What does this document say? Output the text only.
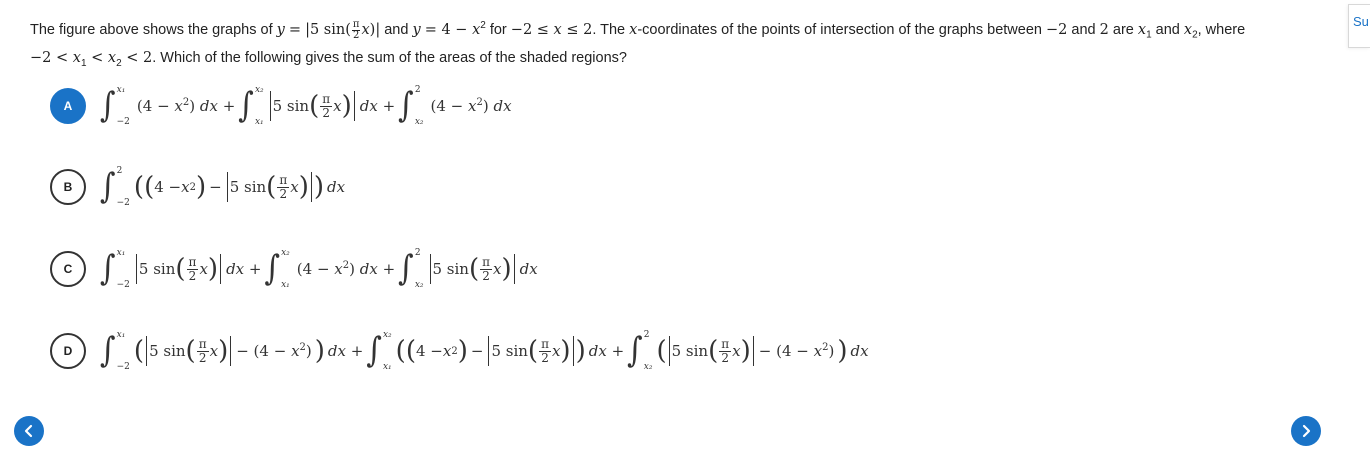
The figure above shows the graphs of y = |5 $\sin( \frac{\pi}{2} x)|$ and $y = 4 - x^2$ for −2 ≤ x ≤ 2. The x-coordinates of the points of intersection of the graphs between −2 and 2 are $x_1$ and $x_2$, where
$-2 < x_1 < x_2 < 2$. Which of the following gives the sum of the areas of the shaded regions?
A ∫ x₁
−2
$(4 - x^2)$ dx + ∫ x₂
x₁
5 sin ( π
2 x ) dx + ∫ 2
x₂
$(4 - x^2)$ dx
B ∫ 2
−2
( ( 4 − x 2 ) − 5 sin ( π
2 x ) ) dx
C ∫ x₁
−2
5 sin ( π
2 x ) dx + ∫ x₂
x₁
$(4 - x^2)$ dx + ∫ 2
x₂
5 sin ( π
2 x ) dx
D ∫ x₁
−2
( 5 sin ( π
2 x ) − $(4 - x^2)$ ) dx + ∫ x₂
x₁
( ( 4 − x 2 ) − 5 sin ( π
2 x ) ) dx + ∫ 2
x₂
( 5 sin ( π
2 x ) − $(4 - x^2)$ ) dx
Su
